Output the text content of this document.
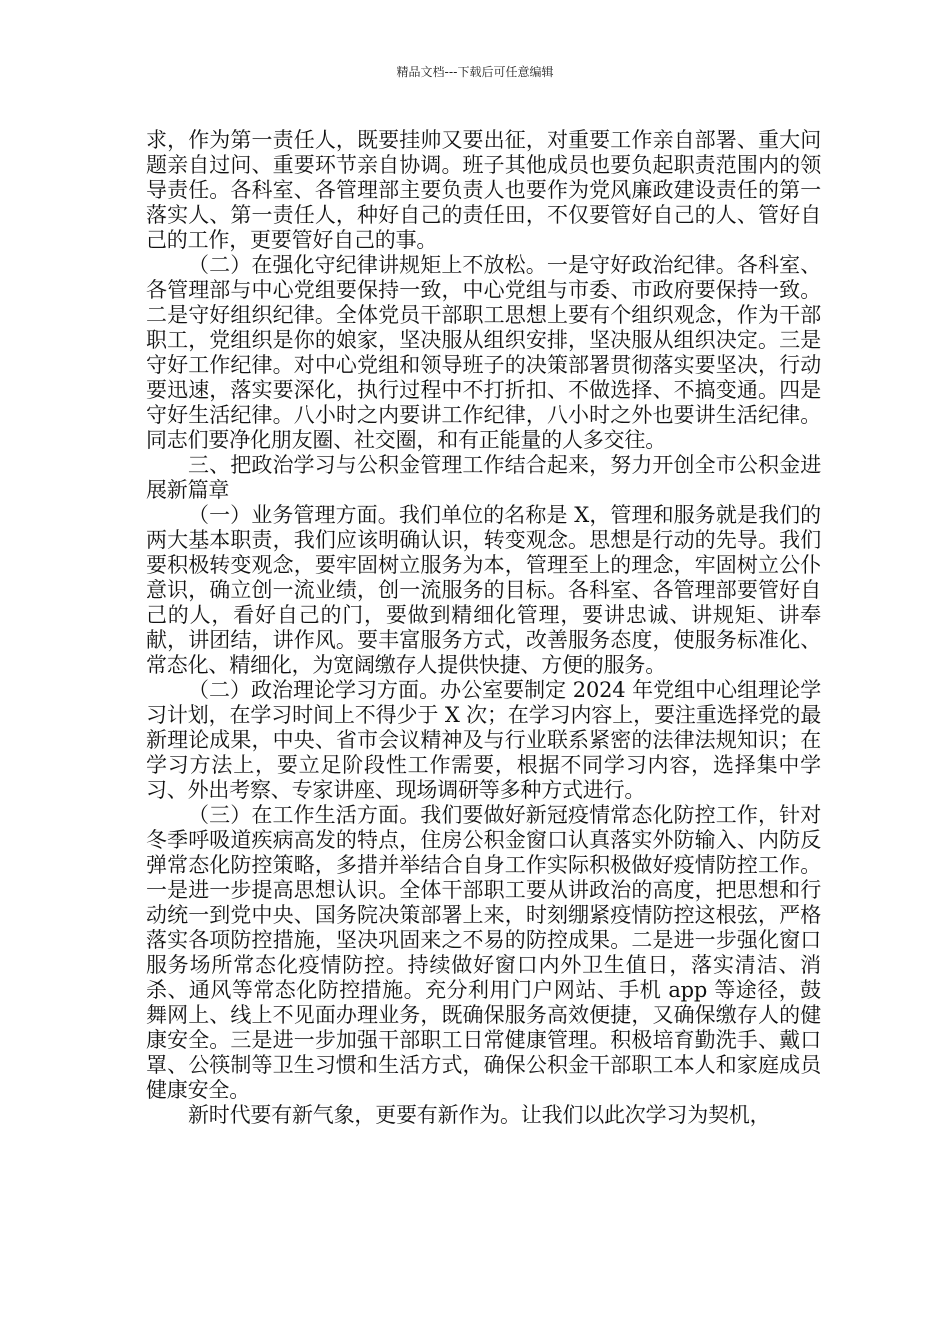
精品文档---下载后可任意编辑

求，作为第一责任人，既要挂帅又要出征，对重要工作亲自部署、重大问题亲自过问、重要环节亲自协调。班子其他成员也要负起职责范围内的领导责任。各科室、各管理部主要负责人也要作为党风廉政建设责任的第一落实人、第一责任人，种好自己的责任田，不仅要管好自己的人、管好自己的工作，更要管好自己的事。

（二）在强化守纪律讲规矩上不放松。一是守好政治纪律。各科室、各管理部与中心党组要保持一致，中心党组与市委、市政府要保持一致。二是守好组织纪律。全体党员干部职工思想上要有个组织观念，作为干部职工，党组织是你的娘家，坚决服从组织安排，坚决服从组织决定。三是守好工作纪律。对中心党组和领导班子的决策部署贯彻落实要坚决，行动要迅速，落实要深化，执行过程中不打折扣、不做选择、不搞变通。四是守好生活纪律。八小时之内要讲工作纪律，八小时之外也要讲生活纪律。同志们要净化朋友圈、社交圈，和有正能量的人多交往。

三、把政治学习与公积金管理工作结合起来，努力开创全市公积金进展新篇章

（一）业务管理方面。我们单位的名称是 X，管理和服务就是我们的两大基本职责，我们应该明确认识，转变观念。思想是行动的先导。我们要积极转变观念，要牢固树立服务为本，管理至上的理念，牢固树立公仆意识，确立创一流业绩，创一流服务的目标。各科室、各管理部要管好自己的人，看好自己的门，要做到精细化管理，要讲忠诚、讲规矩、讲奉献，讲团结，讲作风。要丰富服务方式，改善服务态度，使服务标准化、常态化、精细化，为宽阔缴存人提供快捷、方便的服务。

（二）政治理论学习方面。办公室要制定 2024 年党组中心组理论学习计划，在学习时间上不得少于 X 次；在学习内容上，要注重选择党的最新理论成果，中央、省市会议精神及与行业联系紧密的法律法规知识；在学习方法上，要立足阶段性工作需要，根据不同学习内容，选择集中学习、外出考察、专家讲座、现场调研等多种方式进行。

（三）在工作生活方面。我们要做好新冠疫情常态化防控工作，针对冬季呼吸道疾病高发的特点，住房公积金窗口认真落实外防输入、内防反弹常态化防控策略，多措并举结合自身工作实际积极做好疫情防控工作。一是进一步提高思想认识。全体干部职工要从讲政治的高度，把思想和行动统一到党中央、国务院决策部署上来，时刻绷紧疫情防控这根弦，严格落实各项防控措施，坚决巩固来之不易的防控成果。二是进一步强化窗口服务场所常态化疫情防控。持续做好窗口内外卫生值日，落实清洁、消杀、通风等常态化防控措施。充分利用门户网站、手机 app 等途径，鼓舞网上、线上不见面办理业务，既确保服务高效便捷，又确保缴存人的健康安全。三是进一步加强干部职工日常健康管理。积极培育勤洗手、戴口罩、公筷制等卫生习惯和生活方式，确保公积金干部职工本人和家庭成员健康安全。

新时代要有新气象，更要有新作为。让我们以此次学习为契机，
